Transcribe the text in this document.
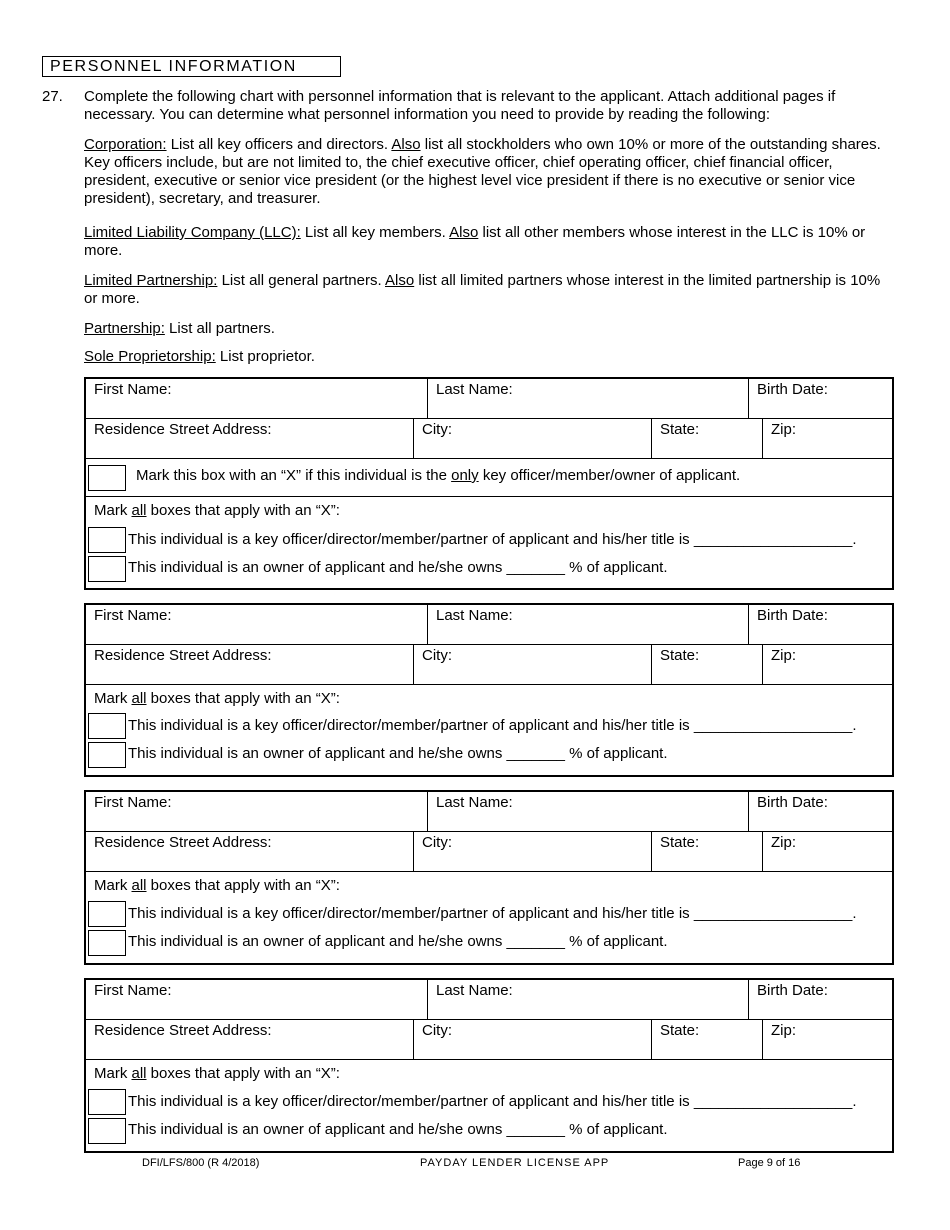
PERSONNEL INFORMATION
27. Complete the following chart with personnel information that is relevant to the applicant. Attach additional pages if necessary. You can determine what personnel information you need to provide by reading the following:
Corporation: List all key officers and directors. Also list all stockholders who own 10% or more of the outstanding shares. Key officers include, but are not limited to, the chief executive officer, chief operating officer, chief financial officer, president, executive or senior vice president (or the highest level vice president if there is no executive or senior vice president), secretary, and treasurer.
Limited Liability Company (LLC): List all key members. Also list all other members whose interest in the LLC is 10% or more.
Limited Partnership: List all general partners. Also list all limited partners whose interest in the limited partnership is 10% or more.
Partnership: List all partners.
Sole Proprietorship: List proprietor.
First Name:	Last Name:	Birth Date:
Residence Street Address:	City:	State:	Zip:
Mark this box with an “X” if this individual is the only key officer/member/owner of applicant.
Mark all boxes that apply with an “X”:
This individual is a key officer/director/member/partner of applicant and his/her title is ___________________.
This individual is an owner of applicant and he/she owns _______ % of applicant.
First Name:	Last Name:	Birth Date:
Residence Street Address:	City:	State:	Zip:
Mark all boxes that apply with an “X”:
This individual is a key officer/director/member/partner of applicant and his/her title is ___________________.
This individual is an owner of applicant and he/she owns _______ % of applicant.
First Name:	Last Name:	Birth Date:
Residence Street Address:	City:	State:	Zip:
Mark all boxes that apply with an “X”:
This individual is a key officer/director/member/partner of applicant and his/her title is ___________________.
This individual is an owner of applicant and he/she owns _______ % of applicant.
First Name:	Last Name:	Birth Date:
Residence Street Address:	City:	State:	Zip:
Mark all boxes that apply with an “X”:
This individual is a key officer/director/member/partner of applicant and his/her title is ___________________.
This individual is an owner of applicant and he/she owns _______ % of applicant.
DFI/LFS/800 (R 4/2018)	PAYDAY LENDER LICENSE APP	Page 9 of 16
